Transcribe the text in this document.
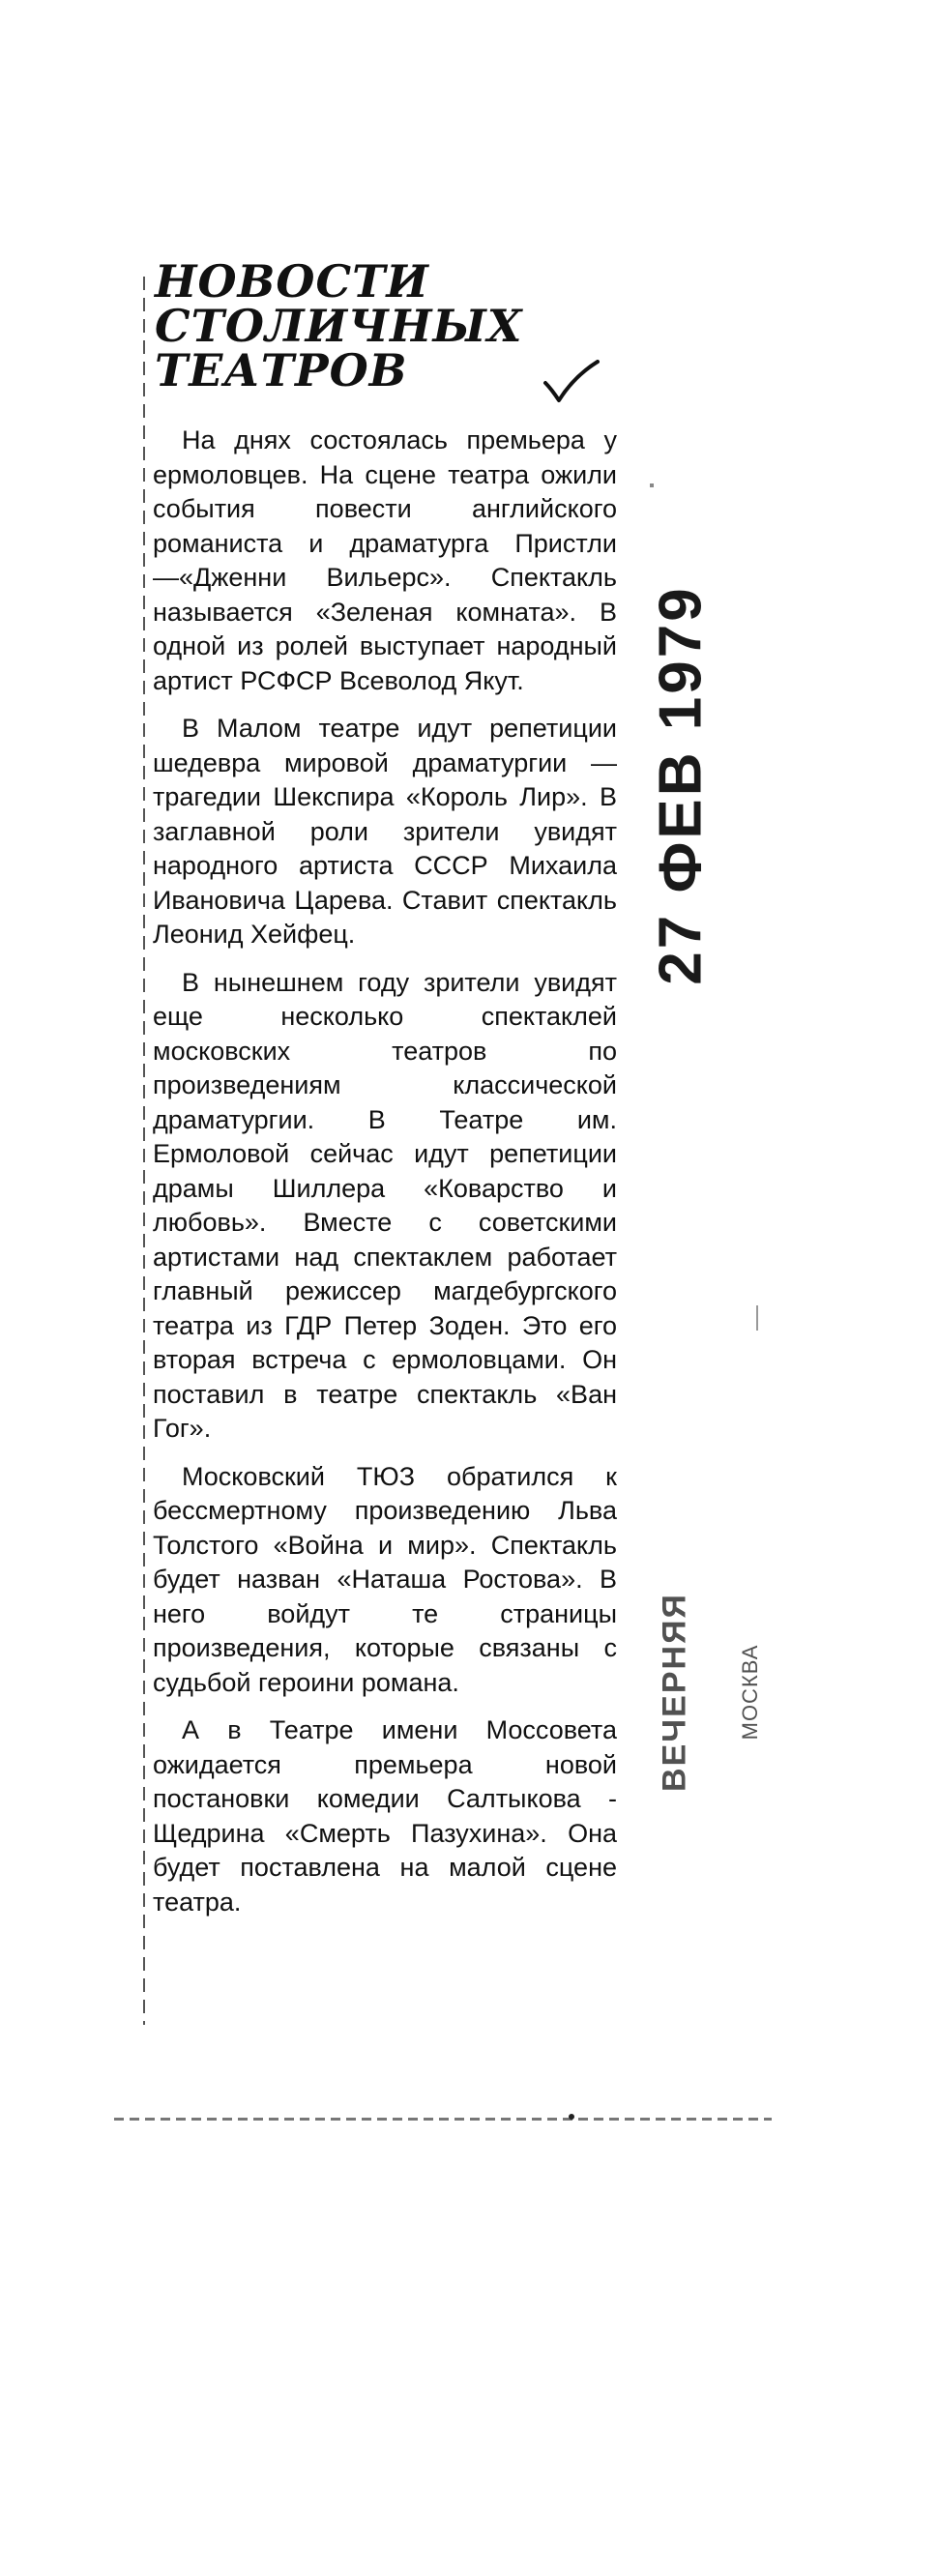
НОВОСТИ
СТОЛИЧНЫХ
ТЕАТРОВ

На днях состоялась премьера у ермоловцев. На сцене театра ожили события повести английского романиста и драматурга Пристли—«Дженни Вильерс». Спектакль называется «Зеленая комната». В одной из ролей выступает народный артист РСФСР Всеволод Якут.

В Малом театре идут репетиции шедевра мировой драматургии — трагедии Шекспира «Король Лир». В заглавной роли зрители увидят народного артиста СССР Михаила Ивановича Царева. Ставит спектакль Леонид Хейфец.

В нынешнем году зрители увидят еще несколько спектаклей московских театров по произведениям классической драматургии. В Театре им. Ермоловой сейчас идут репетиции драмы Шиллера «Коварство и любовь». Вместе с советскими артистами над спектаклем работает главный режиссер магдебургского театра из ГДР Петер Зоден. Это его вторая встреча с ермоловцами. Он поставил в театре спектакль «Ван Гог».

Московский ТЮЗ обратился к бессмертному произведению Льва Толстого «Война и мир». Спектакль будет назван «Наташа Ростова». В него войдут те страницы произведения, которые связаны с судьбой героини романа.

А в Театре имени Моссовета ожидается премьера новой постановки комедии Салтыкова - Щедрина «Смерть Пазухина». Она будет поставлена на малой сцене театра.

27 ФЕВ 1979
ВЕЧЕРНЯЯ МОСКВА
